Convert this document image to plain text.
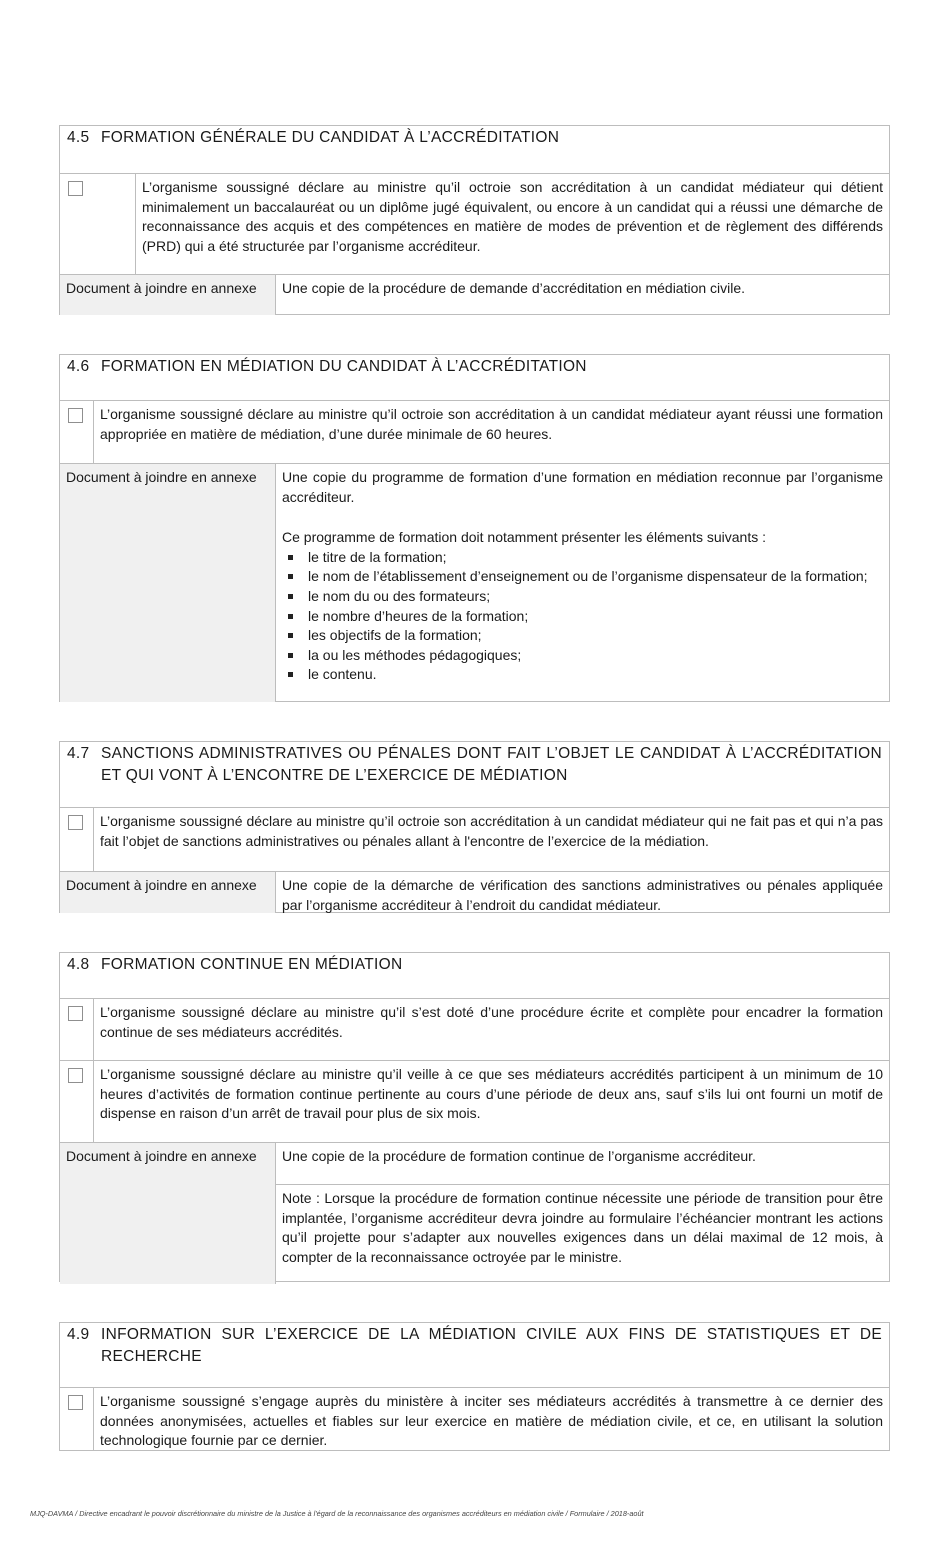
4.5 FORMATION GÉNÉRALE DU CANDIDAT À L’ACCRÉDITATION
L’organisme soussigné déclare au ministre qu’il octroie son accréditation à un candidat médiateur qui détient minimalement un baccalauréat ou un diplôme jugé équivalent, ou encore à un candidat qui a réussi une démarche de reconnaissance des acquis et des compétences en matière de modes de prévention et de règlement des différends (PRD) qui a été structurée par l’organisme accréditeur.
Document à joindre en annexe	Une copie de la procédure de demande d’accréditation en médiation civile.
4.6 FORMATION EN MÉDIATION DU CANDIDAT À L’ACCRÉDITATION
L’organisme soussigné déclare au ministre qu’il octroie son accréditation à un candidat médiateur ayant réussi une formation appropriée en matière de médiation, d’une durée minimale de 60 heures.
Document à joindre en annexe	Une copie du programme de formation d’une formation en médiation reconnue par l’organisme accréditeur.
Ce programme de formation doit notamment présenter les éléments suivants :
le titre de la formation;
le nom de l’établissement d’enseignement ou de l’organisme dispensateur de la formation;
le nom du ou des formateurs;
le nombre d’heures de la formation;
les objectifs de la formation;
la ou les méthodes pédagogiques;
le contenu.
4.7 SANCTIONS ADMINISTRATIVES OU PÉNALES DONT FAIT L’OBJET LE CANDIDAT À L’ACCRÉDITATION ET QUI VONT À L’ENCONTRE DE L’EXERCICE DE MÉDIATION
L’organisme soussigné déclare au ministre qu’il octroie son accréditation à un candidat médiateur qui ne fait pas et qui n’a pas fait l’objet de sanctions administratives ou pénales allant à l'encontre de l’exercice de la médiation.
Document à joindre en annexe	Une copie de la démarche de vérification des sanctions administratives ou pénales appliquée par l’organisme accréditeur à l’endroit du candidat médiateur.
4.8 FORMATION CONTINUE EN MÉDIATION
L’organisme soussigné déclare au ministre qu’il s’est doté d’une procédure écrite et complète pour encadrer la formation continue de ses médiateurs accrédités.
L’organisme soussigné déclare au ministre qu’il veille à ce que ses médiateurs accrédités participent à un minimum de 10 heures d’activités de formation continue pertinente au cours d’une période de deux ans, sauf s’ils lui ont fourni un motif de dispense en raison d’un arrêt de travail pour plus de six mois.
Document à joindre en annexe	Une copie de la procédure de formation continue de l’organisme accréditeur.
Note : Lorsque la procédure de formation continue nécessite une période de transition pour être implantée, l’organisme accréditeur devra joindre au formulaire l’échéancier montrant les actions qu’il projette pour s’adapter aux nouvelles exigences dans un délai maximal de 12 mois, à compter de la reconnaissance octroyée par le ministre.
4.9 INFORMATION SUR L’EXERCICE DE LA MÉDIATION CIVILE AUX FINS DE STATISTIQUES ET DE RECHERCHE
L’organisme soussigné s’engage auprès du ministère à inciter ses médiateurs accrédités à transmettre à ce dernier des données anonymisées, actuelles et fiables sur leur exercice en matière de médiation civile, et ce, en utilisant la solution technologique fournie par ce dernier.
MJQ-DAVMA / Directive encadrant le pouvoir discrétionnaire du ministre de la Justice à l'égard de la reconnaissance des organismes accréditeurs en médiation civile / Formulaire / 2018-août
